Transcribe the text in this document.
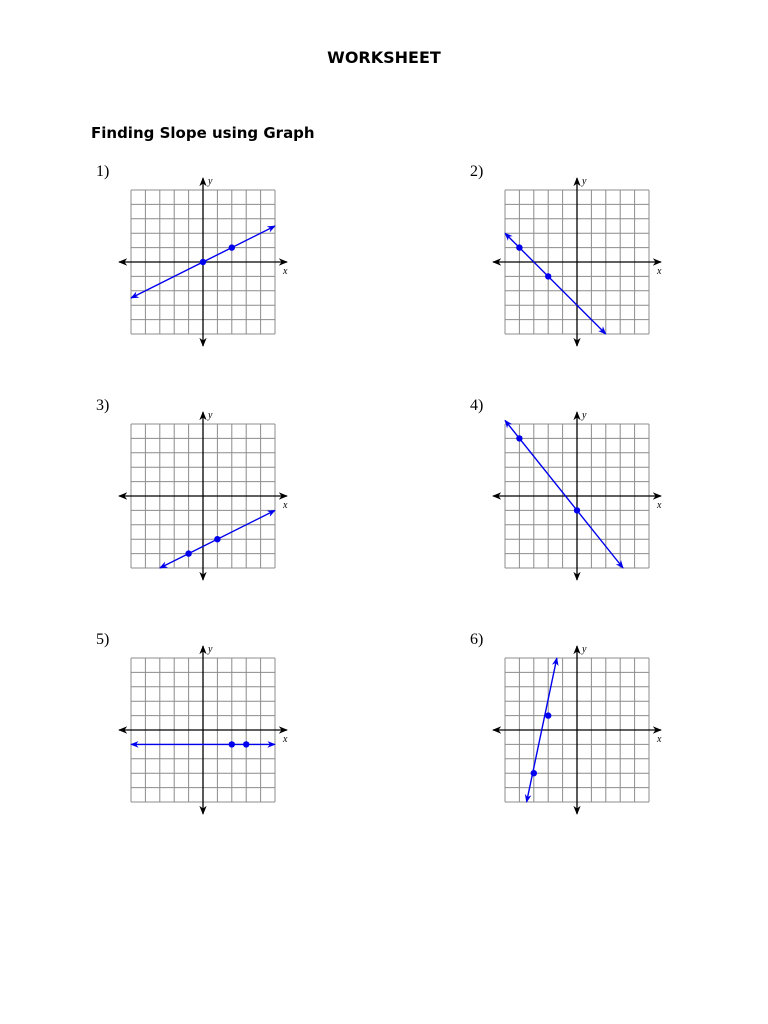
WORKSHEET
Finding Slope using Graph
1)
x
y
2)
x
y
3)
x
y
4)
x
y
5)
x
y
6)
x
y
